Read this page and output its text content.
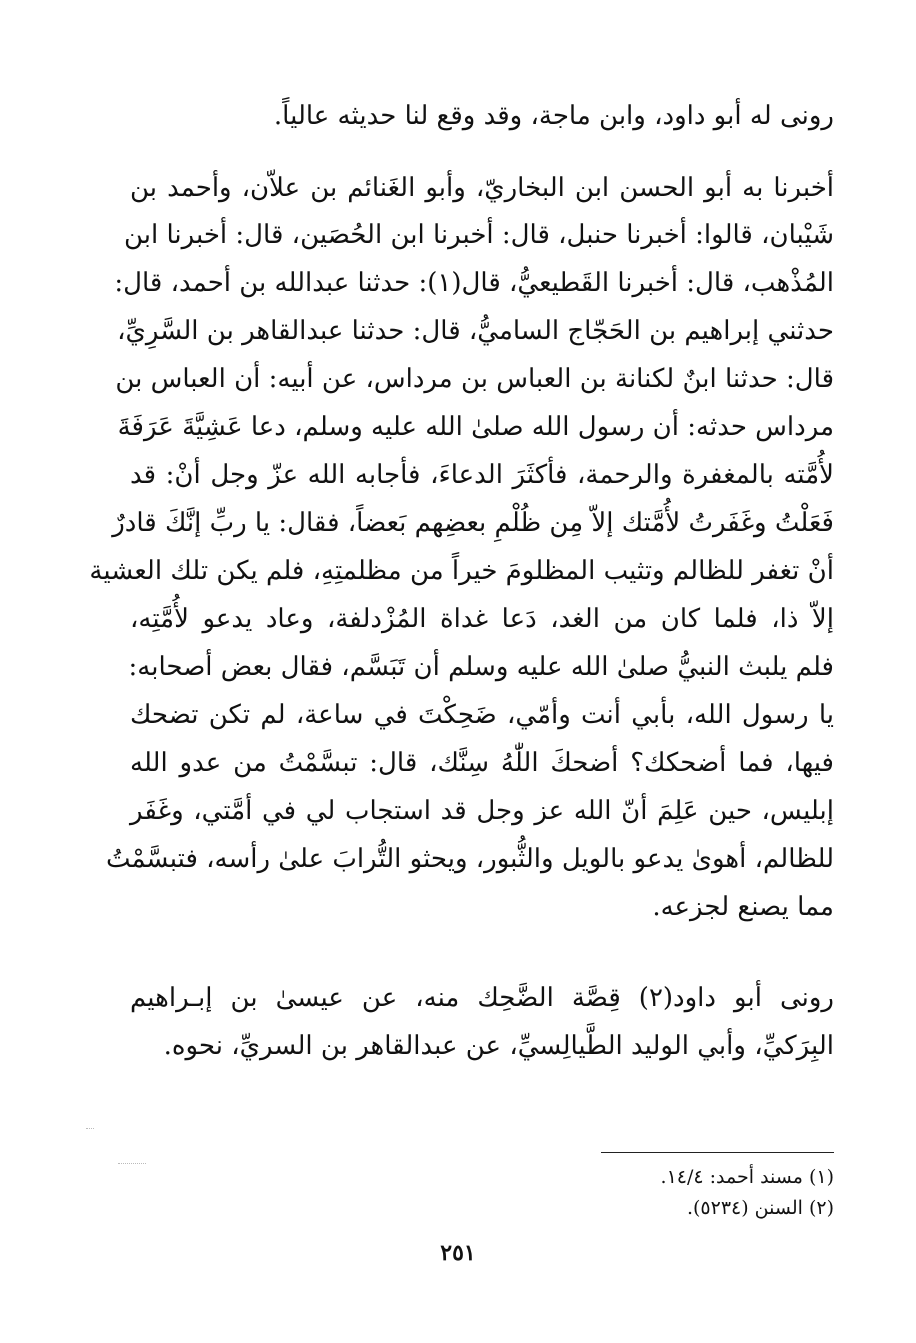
رونى له أبو داود، وابن ماجة، وقد وقع لنا حديثه عالياً.
أخبرنا به أبو الحسن ابن البخاريّ، وأبو الغَنائم بن علاّن، وأحمد بن
شَيْبان، قالوا: أخبرنا حنبل، قال: أخبرنا ابن الحُصَين، قال: أخبرنا ابن
المُذْهب، قال: أخبرنا القَطيعيُّ، قال(١): حدثنا عبدالله بن أحمد، قال:
حدثني إبراهيم بن الحَجّاج الساميُّ، قال: حدثنا عبدالقاهر بن السَّرِيِّ،
قال: حدثنا ابنٌ لكنانة بن العباس بن مرداس، عن أبيه: أن العباس بن
مرداس حدثه: أن رسول الله صلىٰ الله عليه وسلم، دعا عَشِيَّةَ عَرَفَةَ
لأُمَّته بالمغفرة والرحمة، فأكثَرَ الدعاءَ، فأجابه الله عزّ وجل أنْ: قد
فَعَلْتُ وغَفَرتُ لأُمَّتك إلاّ مِن ظُلْمِ بعضِهم بَعضاً، فقال: يا ربِّ إنَّكَ قادرٌ
أنْ تغفر للظالم وتثيب المظلومَ خيراً من مظلمتِهِ، فلم يكن تلك العشية
إلاّ ذا، فلما كان من الغد، دَعا غداة المُزْدلفة، وعاد يدعو لأُمَّتِه،
فلم يلبث النبيُّ صلىٰ الله عليه وسلم أن تَبَسَّم، فقال بعض أصحابه:
يا رسول الله، بأبي أنت وأمّي، ضَحِكْتَ في ساعة، لم تكن تضحك
فيها، فما أضحكك؟ أضحكَ اللّٰهُ سِنَّك، قال: تبسَّمْتُ من عدو الله
إبليس، حين عَلِمَ أنّ الله عز وجل قد استجاب لي في أمَّتي، وغَفَر
للظالم، أهوىٰ يدعو بالويل والثُّبور، ويحثو التُّرابَ علىٰ رأسه، فتبسَّمْتُ
مما يصنع لجزعه.
رونى أبو داود(٢) قِصَّة الضَّحِك منه، عن عيسىٰ بن إبـراهيم
البِرَكيِّ، وأبي الوليد الطَّيالِسيِّ، عن عبدالقاهر بن السريِّ، نحوه.
(١) مسند أحمد: ١٤/٤.
(٢) السنن (٥٢٣٤).
٢٥١
